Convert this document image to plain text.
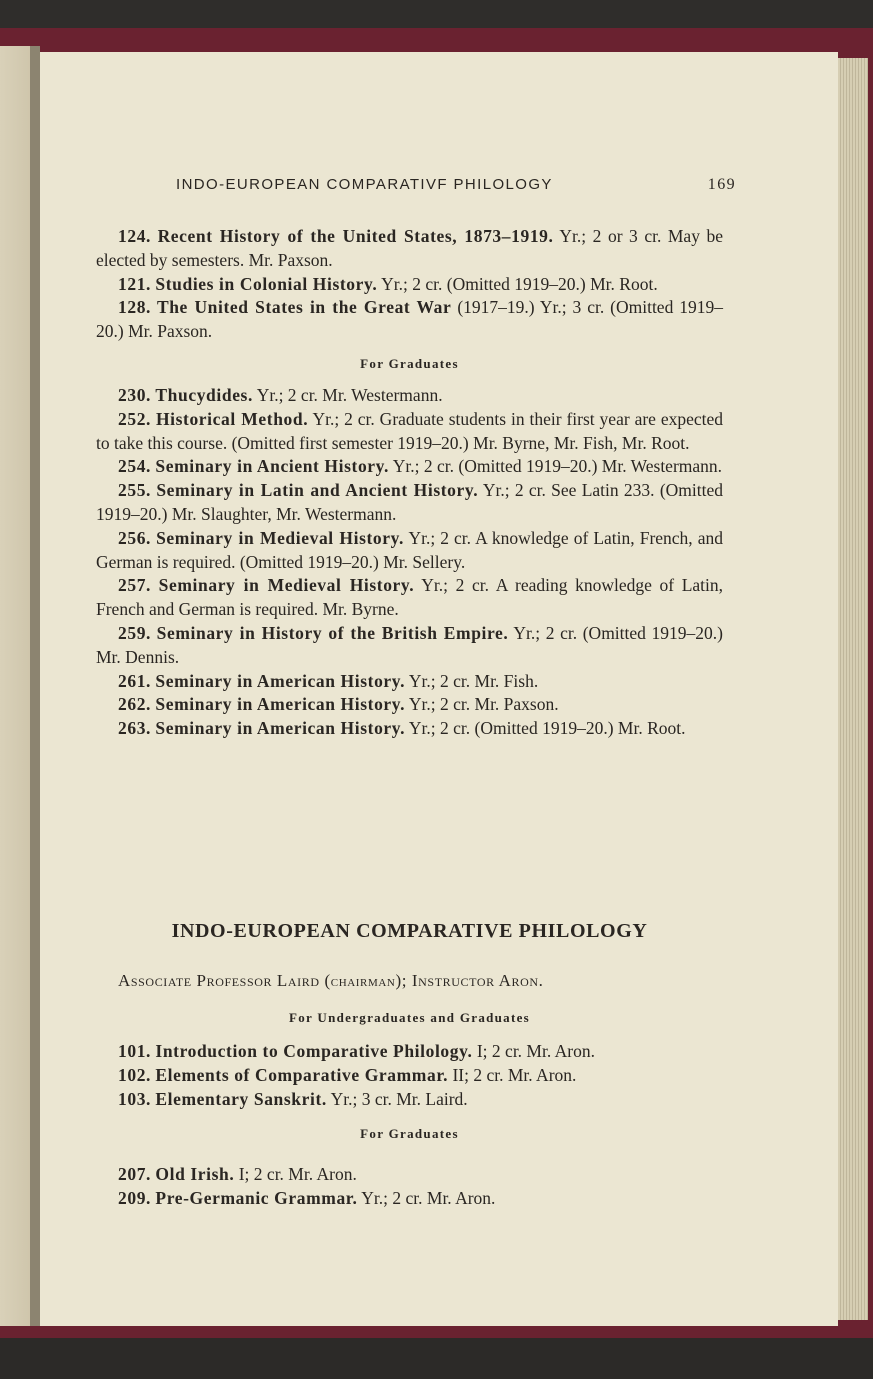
INDO-EUROPEAN COMPARATIVF PHILOLOGY	169

124. Recent History of the United States, 1873–1919. Yr.; 2 or 3 cr. May be elected by semesters. Mr. Paxson.

121. Studies in Colonial History. Yr.; 2 cr. (Omitted 1919–20.) Mr. Root.

128. The United States in the Great War (1917–19.) Yr.; 3 cr. (Omitted 1919–20.) Mr. Paxson.

For Graduates

230. Thucydides. Yr.; 2 cr. Mr. Westermann.

252. Historical Method. Yr.; 2 cr. Graduate students in their first year are expected to take this course. (Omitted first semester 1919–20.) Mr. Byrne, Mr. Fish, Mr. Root.

254. Seminary in Ancient History. Yr.; 2 cr. (Omitted 1919–20.) Mr. Westermann.

255. Seminary in Latin and Ancient History. Yr.; 2 cr. See Latin 233. (Omitted 1919–20.) Mr. Slaughter, Mr. Westermann.

256. Seminary in Medieval History. Yr.; 2 cr. A knowledge of Latin, French, and German is required. (Omitted 1919–20.) Mr. Sellery.

257. Seminary in Medieval History. Yr.; 2 cr. A reading knowledge of Latin, French and German is required. Mr. Byrne.

259. Seminary in History of the British Empire. Yr.; 2 cr. (Omitted 1919–20.) Mr. Dennis.

261. Seminary in American History. Yr.; 2 cr. Mr. Fish.

262. Seminary in American History. Yr.; 2 cr. Mr. Paxson.

263. Seminary in American History. Yr.; 2 cr. (Omitted 1919–20.) Mr. Root.

INDO-EUROPEAN COMPARATIVE PHILOLOGY
Associate Professor Laird (chairman); Instructor Aron.
For Undergraduates and Graduates

101. Introduction to Comparative Philology. I; 2 cr. Mr. Aron.

102. Elements of Comparative Grammar. II; 2 cr. Mr. Aron.

103. Elementary Sanskrit. Yr.; 3 cr. Mr. Laird.

For Graduates

207. Old Irish. I; 2 cr. Mr. Aron.

209. Pre-Germanic Grammar. Yr.; 2 cr. Mr. Aron.
